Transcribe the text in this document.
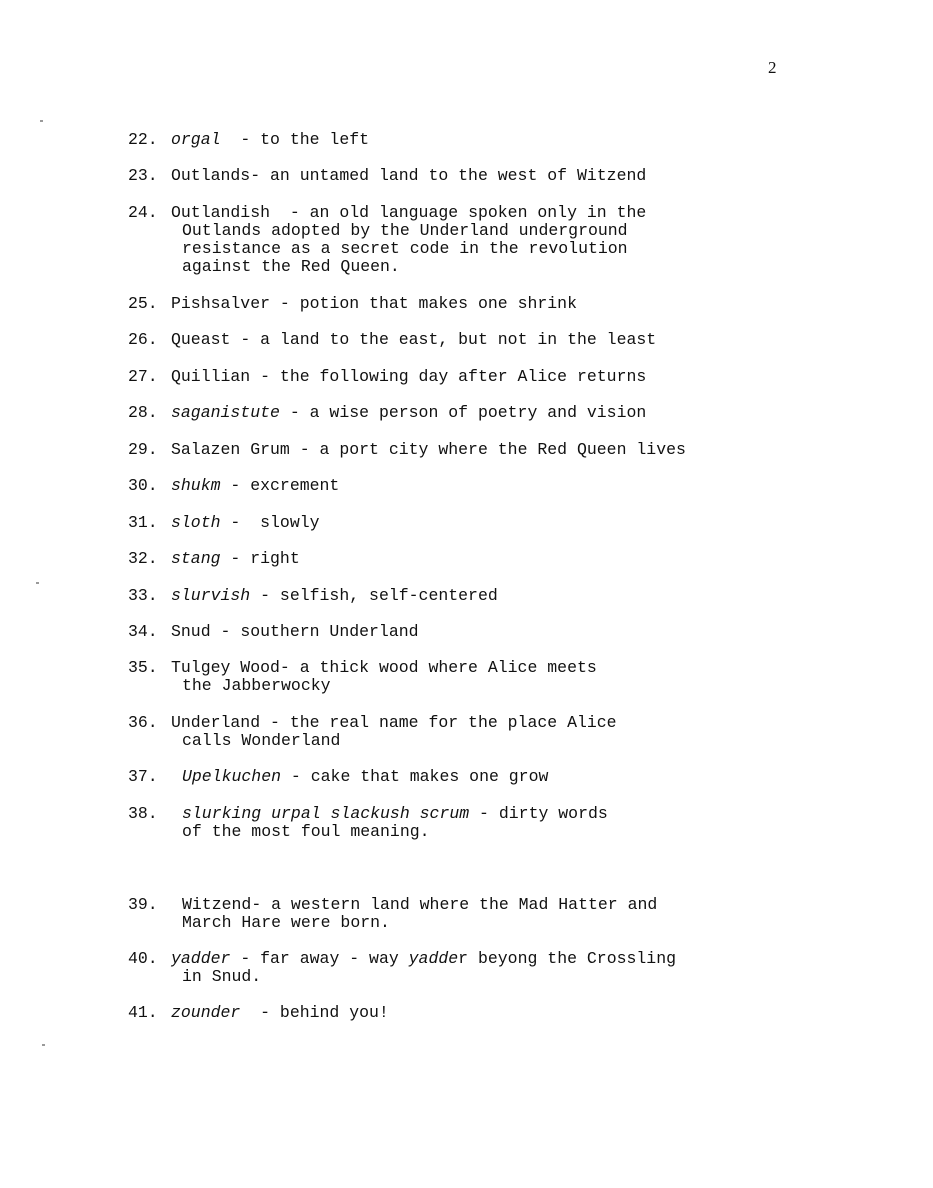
2
22. orgal  - to the left
23. Outlands- an untamed land to the west of Witzend
24. Outlandish  - an old language spoken only in the
Outlands adopted by the Underland underground
resistance as a secret code in the revolution
against the Red Queen.
25. Pishsalver - potion that makes one shrink
26. Queast - a land to the east, but not in the least
27. Quillian - the following day after Alice returns
28. saganistute - a wise person of poetry and vision
29. Salazen Grum - a port city where the Red Queen lives
30. shukm - excrement
31. sloth -  slowly
32. stang - right
33. slurvish - selfish, self-centered
34. Snud - southern Underland
35. Tulgey Wood- a thick wood where Alice meets
the Jabberwocky
36. Underland - the real name for the place Alice
calls Wonderland
37. Upelkuchen - cake that makes one grow
38. slurking urpal slackush scrum - dirty words
of the most foul meaning.
39. Witzend- a western land where the Mad Hatter and
March Hare were born.
40. yadder - far away - way yadder beyong the Crossling
in Snud.
41. zounder  - behind you!
